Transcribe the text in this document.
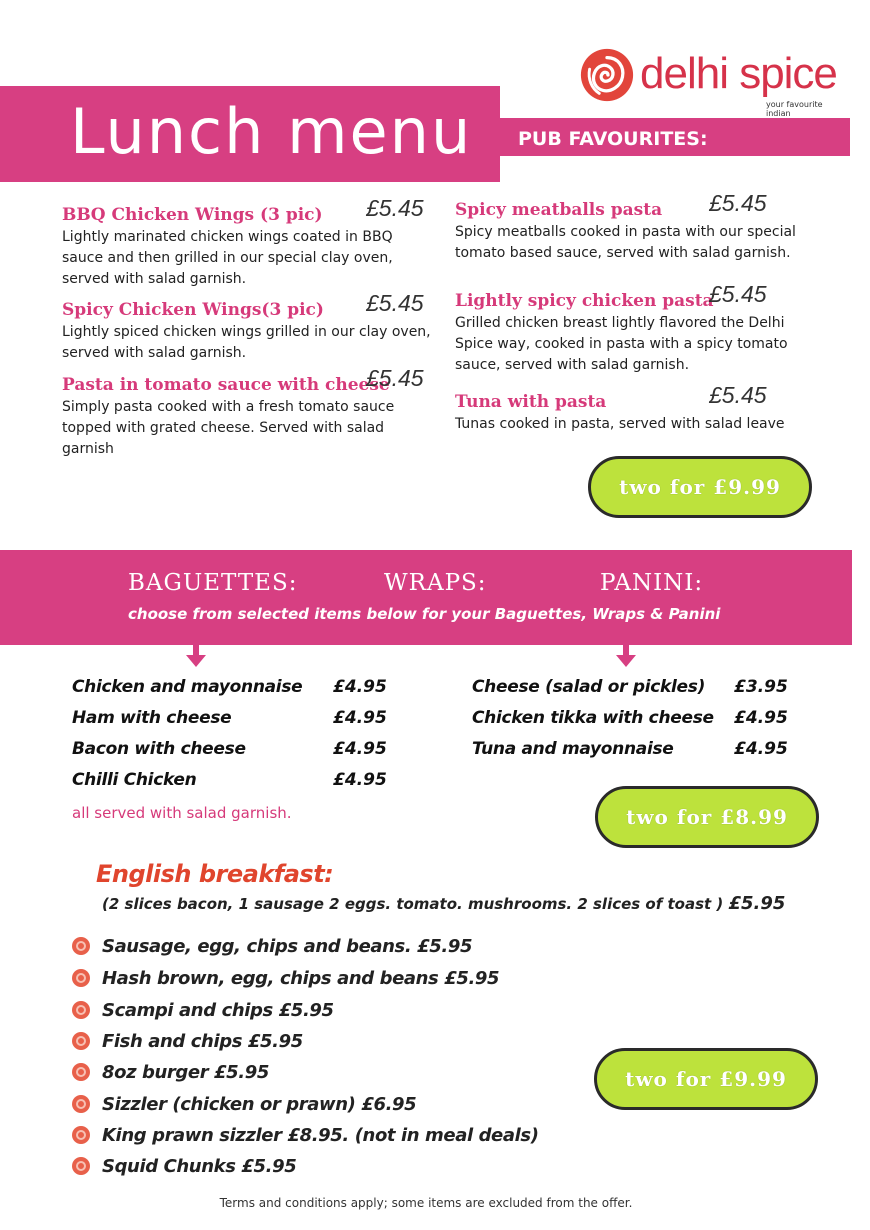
delhi spice
your favourite indian
Lunch menu PUB FAVOURITES:
BBQ Chicken Wings (3 pic)	£5.45
Lightly marinated chicken wings coated in BBQ sauce and then grilled in our special clay oven, served with salad garnish.
Spicy Chicken Wings(3 pic)	£5.45
Lightly spiced chicken wings grilled in our clay oven, served with salad garnish.
Pasta in tomato sauce with cheese
£5.45
Simply pasta cooked with a fresh tomato sauce topped with grated cheese. Served with salad garnish
Spicy meatballs pasta	£5.45
Spicy meatballs cooked in pasta with our special tomato based sauce, served with salad garnish.
Lightly spicy chicken pasta
£5.45
Grilled chicken breast lightly flavored the Delhi Spice way, cooked in pasta with a spicy tomato sauce, served with salad garnish.
Tuna with pasta	£5.45
Tunas cooked in pasta, served with salad leave
two for £9.99
BAGUETTES:	WRAPS:	PANINI:
choose from selected items below for your Baguettes, Wraps & Panini
Chicken and mayonnaise £4.95
Ham with cheese	£4.95
Bacon with cheese	£4.95
Chilli Chicken	£4.95
Cheese (salad or pickles) £3.95
Chicken tikka with cheese £4.95
Tuna and mayonnaise	£4.95
all served with salad garnish.	two for £8.99
English breakfast:
(2 slices bacon, 1 sausage 2 eggs. tomato. mushrooms. 2 slices of toast ) £5.95
Sausage, egg, chips and beans. £5.95
Hash brown, egg, chips and beans £5.95
Scampi and chips £5.95
Fish and chips £5.95
8oz burger £5.95
Sizzler (chicken or prawn) £6.95
King prawn sizzler £8.95. (not in meal deals)
Squid Chunks £5.95
two for £9.99
Terms and conditions apply; some items are excluded from the offer.
